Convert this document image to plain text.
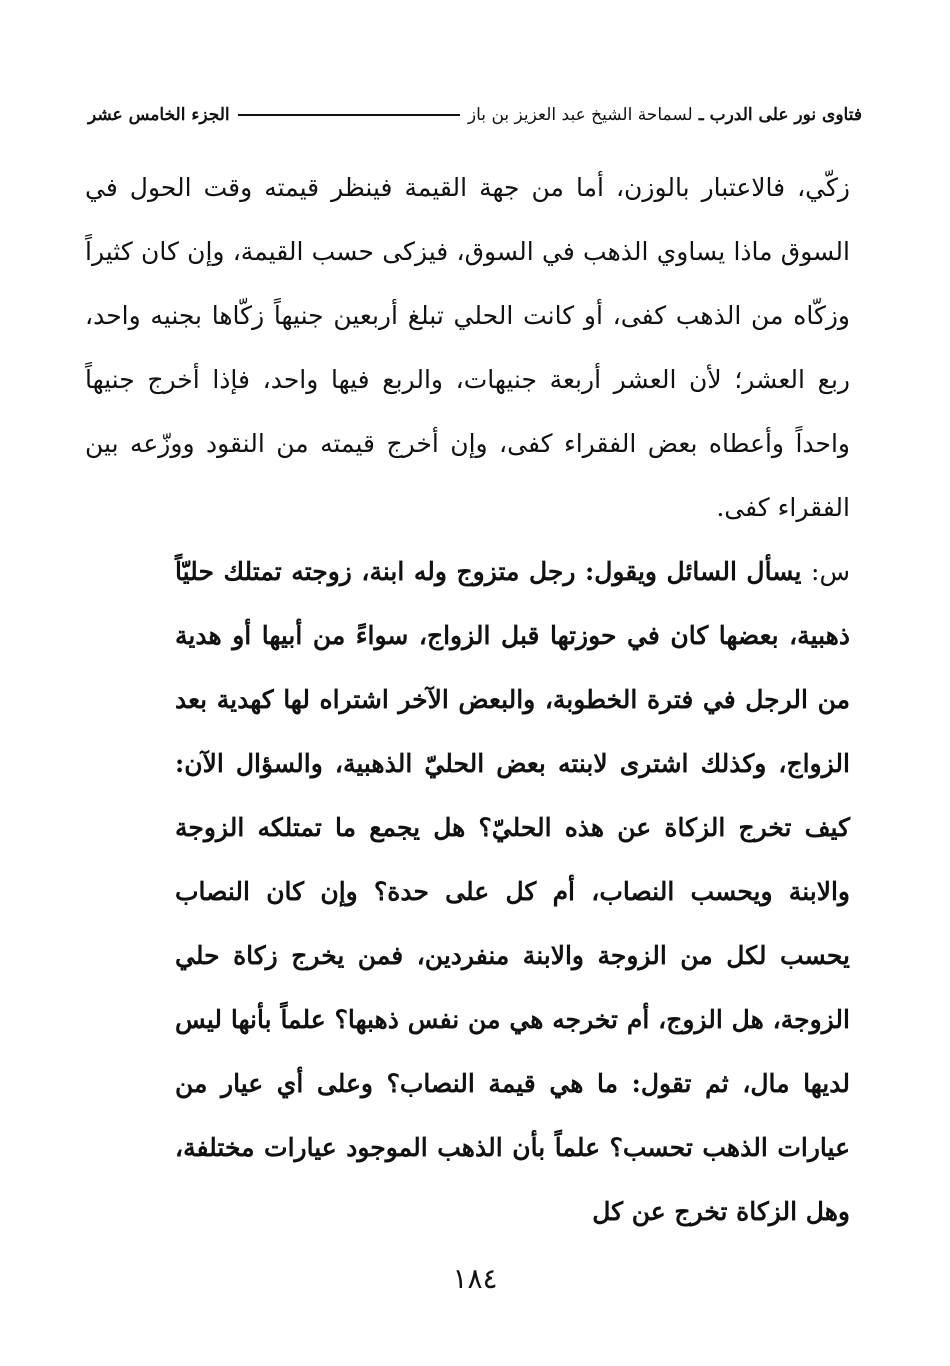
فتاوى نور على الدرب ـ
لسماحة الشيخ عبد العزيز بن باز
الجزء الخامس عشر

زكّي، فالاعتبار بالوزن، أما من جهة القيمة فينظر قيمته وقت الحول في السوق ماذا يساوي الذهب في السوق، فيزكى حسب القيمة، وإن كان كثيراً وزكّاه من الذهب كفى، أو كانت الحلي تبلغ أربعين جنيهاً زكّاها بجنيه واحد، ربع العشر؛ لأن العشر أربعة جنيهات، والربع فيها واحد، فإذا أخرج جنيهاً واحداً وأعطاه بعض الفقراء كفى، وإن أخرج قيمته من النقود ووزّعه بين الفقراء كفى.

س: يسأل السائل ويقول: رجل متزوج وله ابنة، زوجته تمتلك حليّاً ذهبية، بعضها كان في حوزتها قبل الزواج، سواءً من أبيها أو هدية من الرجل في فترة الخطوبة، والبعض الآخر اشتراه لها كهدية بعد الزواج، وكذلك اشترى لابنته بعض الحليّ الذهبية، والسؤال الآن: كيف تخرج الزكاة عن هذه الحليّ؟ هل يجمع ما تمتلكه الزوجة والابنة ويحسب النصاب، أم كل على حدة؟ وإن كان النصاب يحسب لكل من الزوجة والابنة منفردين، فمن يخرج زكاة حلي الزوجة، هل الزوج، أم تخرجه هي من نفس ذهبها؟ علماً بأنها ليس لديها مال، ثم تقول: ما هي قيمة النصاب؟ وعلى أي عيار من عيارات الذهب تحسب؟ علماً بأن الذهب الموجود عيارات مختلفة، وهل الزكاة تخرج عن كل

١٨٤
